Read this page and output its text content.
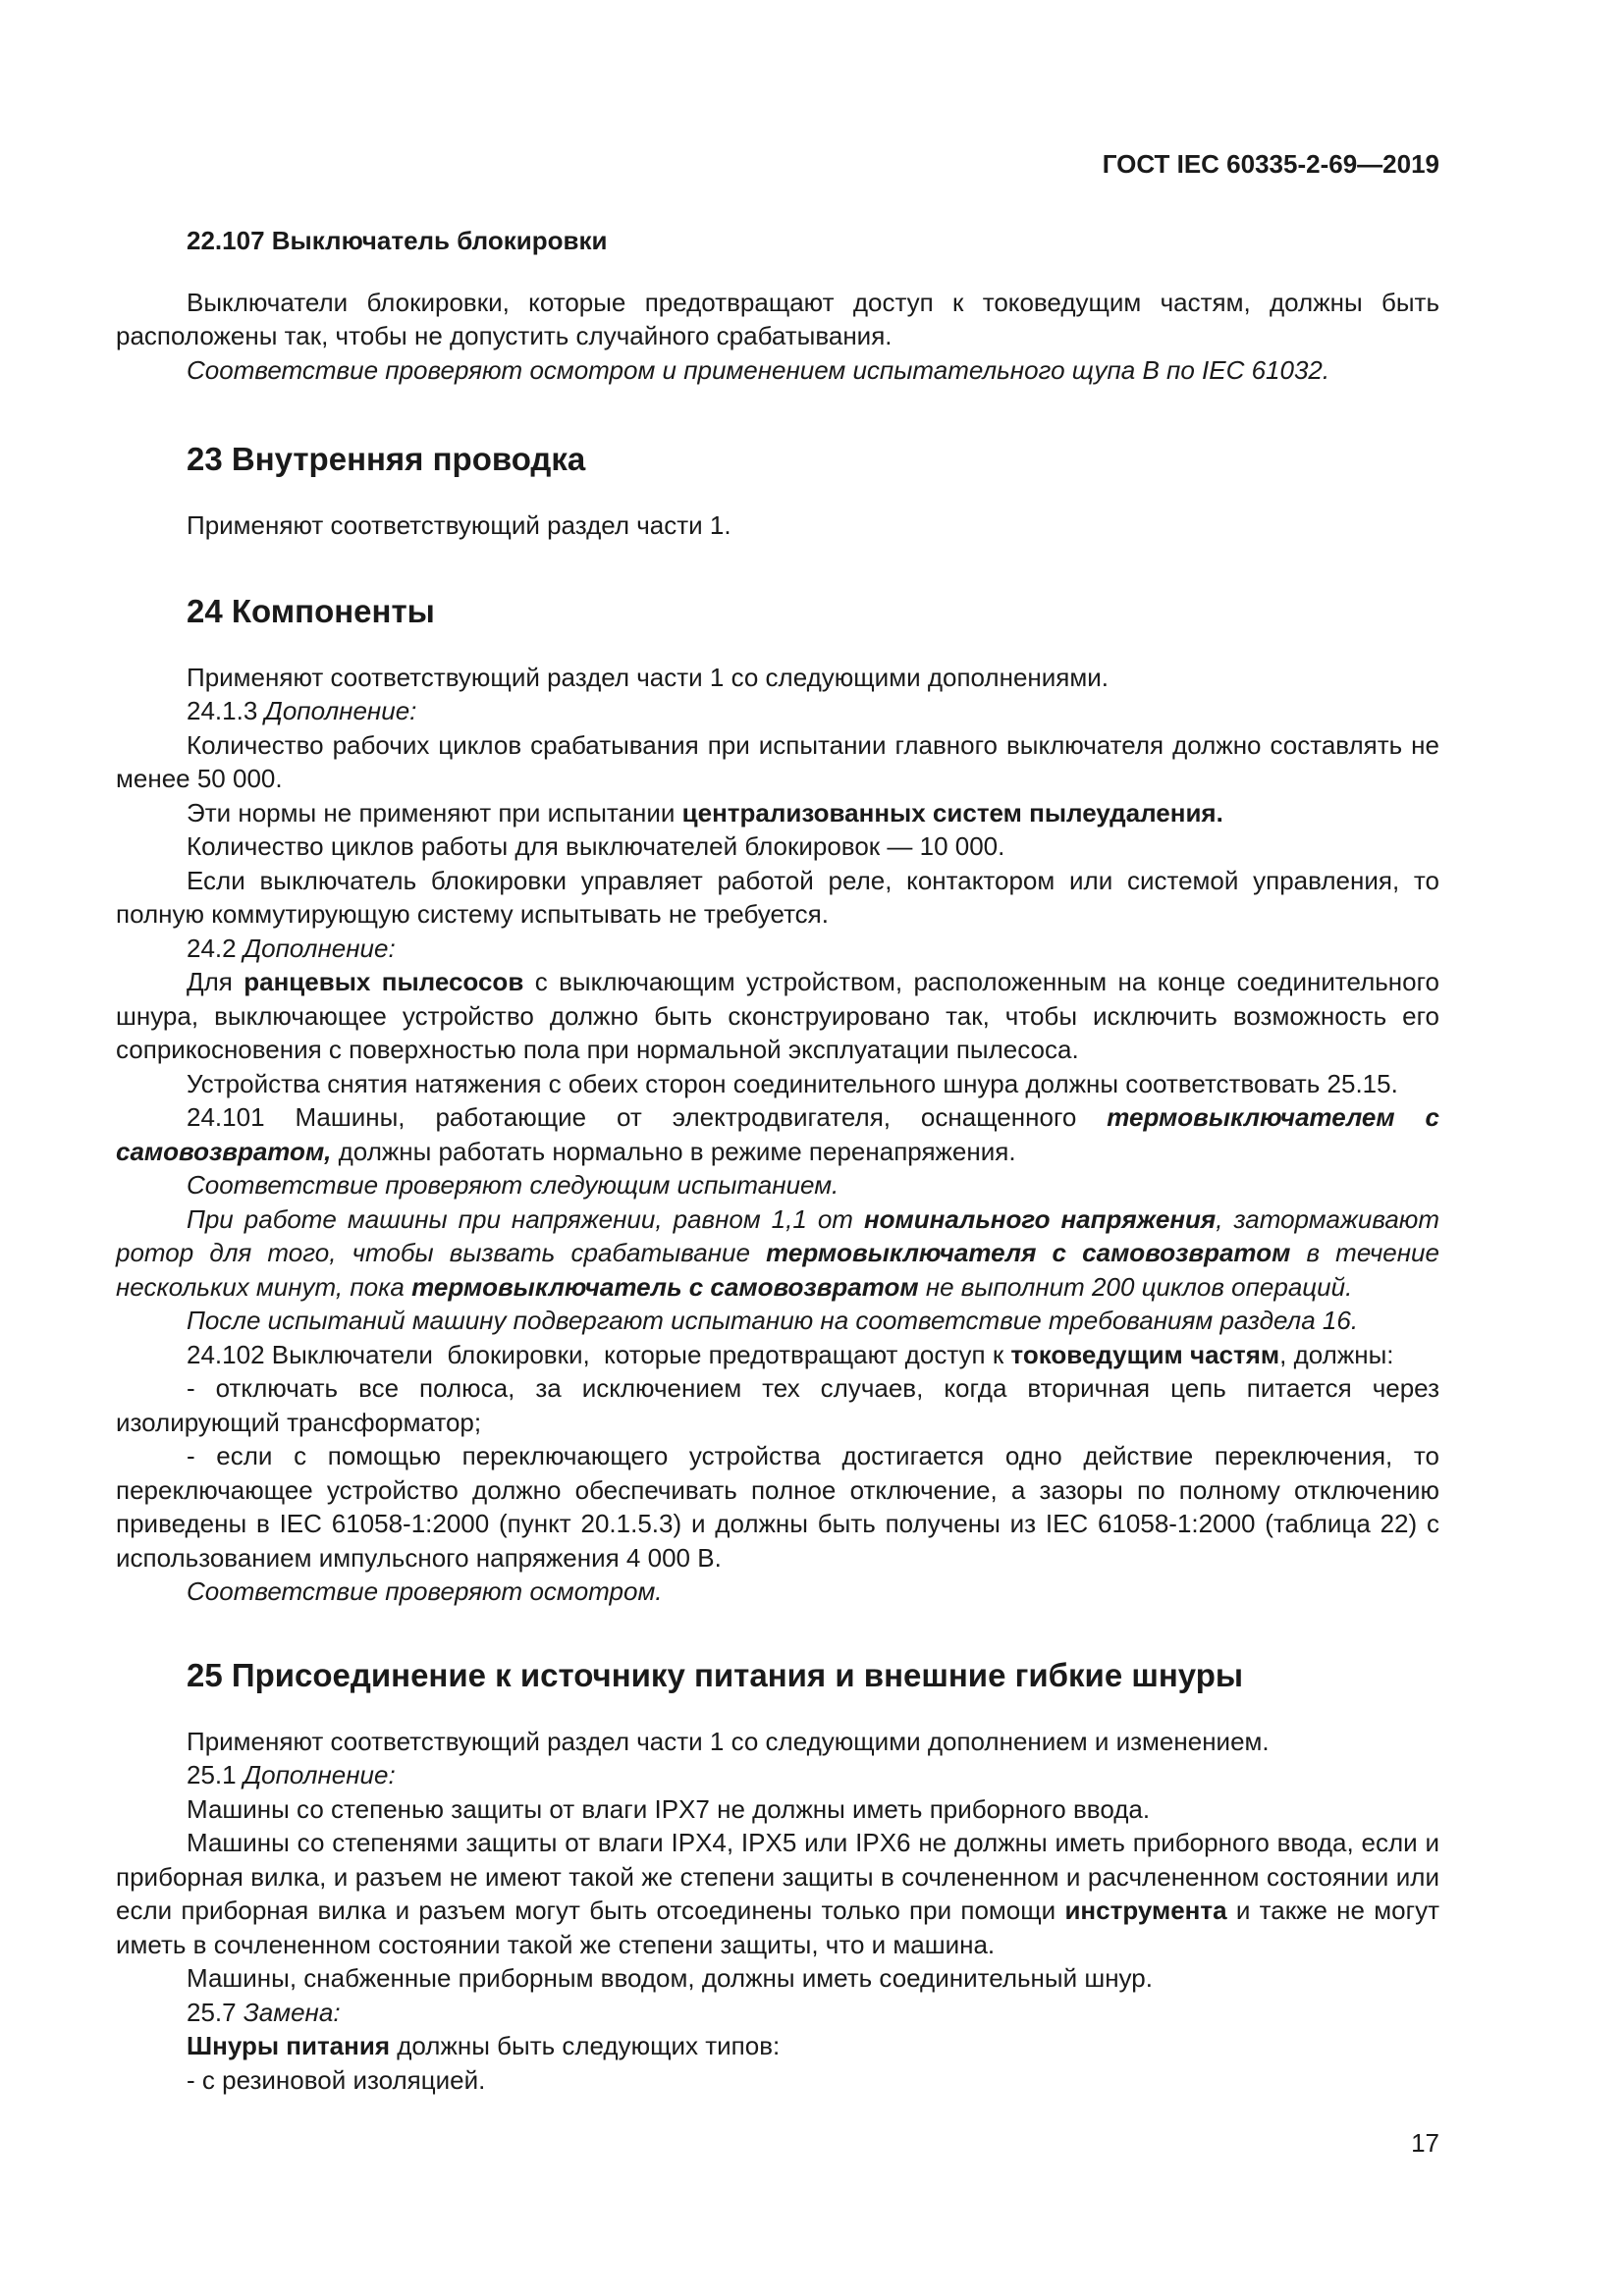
ГОСТ IEC 60335-2-69—2019

22.107 Выключатель блокировки

Выключатели блокировки, которые предотвращают доступ к токоведущим частям, должны быть расположены так, чтобы не допустить случайного срабатывания.

Соответствие проверяют осмотром и применением испытательного щупа В по IEC 61032.

23 Внутренняя проводка

Применяют соответствующий раздел части 1.

24 Компоненты

Применяют соответствующий раздел части 1 со следующими дополнениями.

24.1.3 Дополнение:

Количество рабочих циклов срабатывания при испытании главного выключателя должно составлять не менее 50 000.

Эти нормы не применяют при испытании централизованных систем пылеудаления.

Количество циклов работы для выключателей блокировок — 10 000.

Если выключатель блокировки управляет работой реле, контактором или системой управления, то полную коммутирующую систему испытывать не требуется.

24.2 Дополнение:

Для ранцевых пылесосов с выключающим устройством, расположенным на конце соединительного шнура, выключающее устройство должно быть сконструировано так, чтобы исключить возможность его соприкосновения с поверхностью пола при нормальной эксплуатации пылесоса.

Устройства снятия натяжения с обеих сторон соединительного шнура должны соответствовать 25.15.

24.101 Машины, работающие от электродвигателя, оснащенного термовыключателем с самовозвратом, должны работать нормально в режиме перенапряжения.

Соответствие проверяют следующим испытанием.

При работе машины при напряжении, равном 1,1 от номинального напряжения, затормаживают ротор для того, чтобы вызвать срабатывание термовыключателя с самовозвратом в течение нескольких минут, пока термовыключатель с самовозвратом не выполнит 200 циклов операций.

После испытаний машину подвергают испытанию на соответствие требованиям раздела 16.

24.102 Выключатели  блокировки,  которые предотвращают доступ к токоведущим частям, должны:

- отключать все полюса, за исключением тех случаев, когда вторичная цепь питается через изолирующий трансформатор;

- если с помощью переключающего устройства достигается одно действие переключения, то переключающее устройство должно обеспечивать полное отключение, а зазоры по полному отключению приведены в IEC 61058-1:2000 (пункт 20.1.5.3) и должны быть получены из IEC 61058-1:2000 (таблица 22) с использованием импульсного напряжения 4 000 В.

Соответствие проверяют осмотром.

25 Присоединение к источнику питания и внешние гибкие шнуры

Применяют соответствующий раздел части 1 со следующими дополнением и изменением.

25.1 Дополнение:

Машины со степенью защиты от влаги IPX7 не должны иметь приборного ввода.

Машины со степенями защиты от влаги IPX4, IPX5 или IPX6 не должны иметь приборного ввода, если и приборная вилка, и разъем не имеют такой же степени защиты в сочлененном и расчлененном состоянии или если приборная вилка и разъем могут быть отсоединены только при помощи инструмента и также не могут иметь в сочлененном состоянии такой же степени защиты, что и машина.

Машины, снабженные приборным вводом, должны иметь соединительный шнур.

25.7 Замена:

Шнуры питания должны быть следующих типов:

- с резиновой изоляцией.

17
